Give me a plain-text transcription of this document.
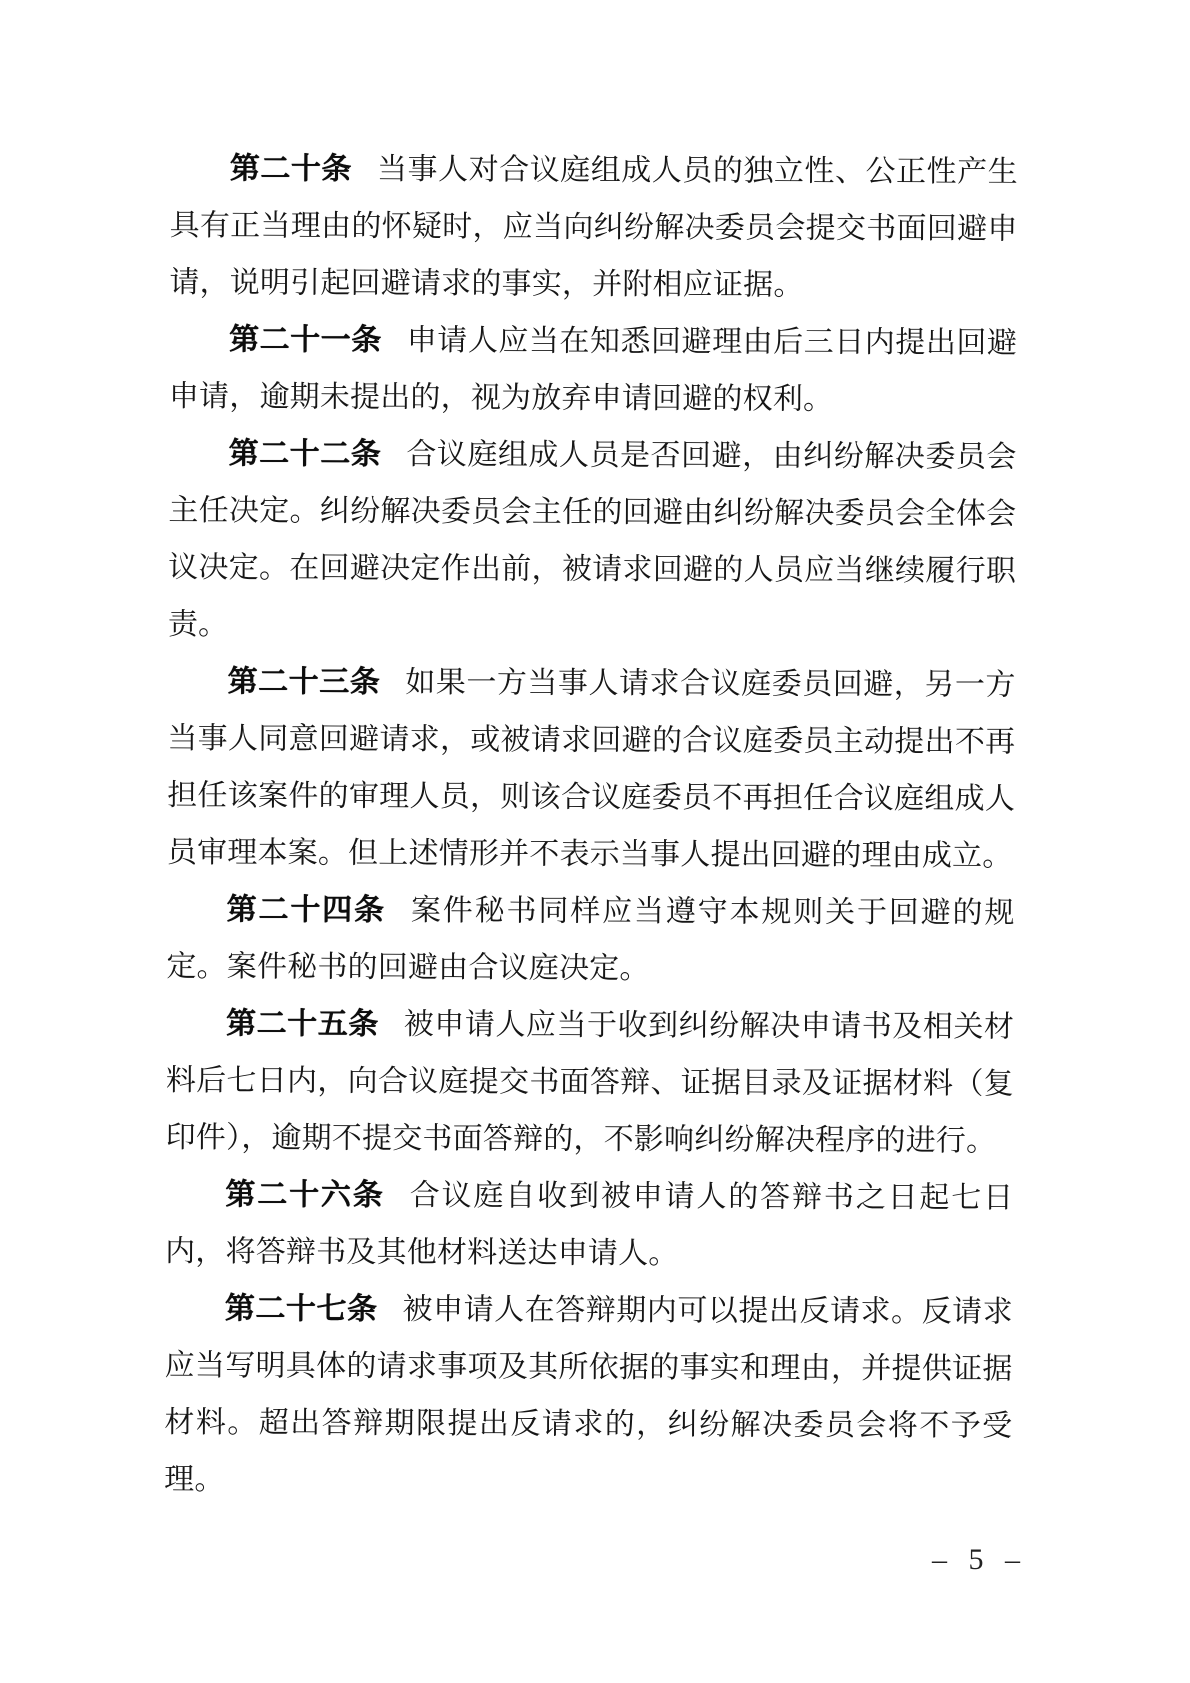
第二十条 当事人对合议庭组成人员的独立性、公正性产生具有正当理由的怀疑时，应当向纠纷解决委员会提交书面回避申请，说明引起回避请求的事实，并附相应证据。

第二十一条 申请人应当在知悉回避理由后三日内提出回避申请，逾期未提出的，视为放弃申请回避的权利。

第二十二条 合议庭组成人员是否回避，由纠纷解决委员会主任决定。纠纷解决委员会主任的回避由纠纷解决委员会全体会议决定。在回避决定作出前，被请求回避的人员应当继续履行职责。

第二十三条 如果一方当事人请求合议庭委员回避，另一方当事人同意回避请求，或被请求回避的合议庭委员主动提出不再担任该案件的审理人员，则该合议庭委员不再担任合议庭组成人员审理本案。但上述情形并不表示当事人提出回避的理由成立。

第二十四条 案件秘书同样应当遵守本规则关于回避的规定。案件秘书的回避由合议庭决定。

第二十五条 被申请人应当于收到纠纷解决申请书及相关材料后七日内，向合议庭提交书面答辩、证据目录及证据材料（复印件），逾期不提交书面答辩的，不影响纠纷解决程序的进行。

第二十六条 合议庭自收到被申请人的答辩书之日起七日内，将答辩书及其他材料送达申请人。

第二十七条 被申请人在答辩期内可以提出反请求。反请求应当写明具体的请求事项及其所依据的事实和理由，并提供证据材料。超出答辩期限提出反请求的，纠纷解决委员会将不予受理。

– 5 –
